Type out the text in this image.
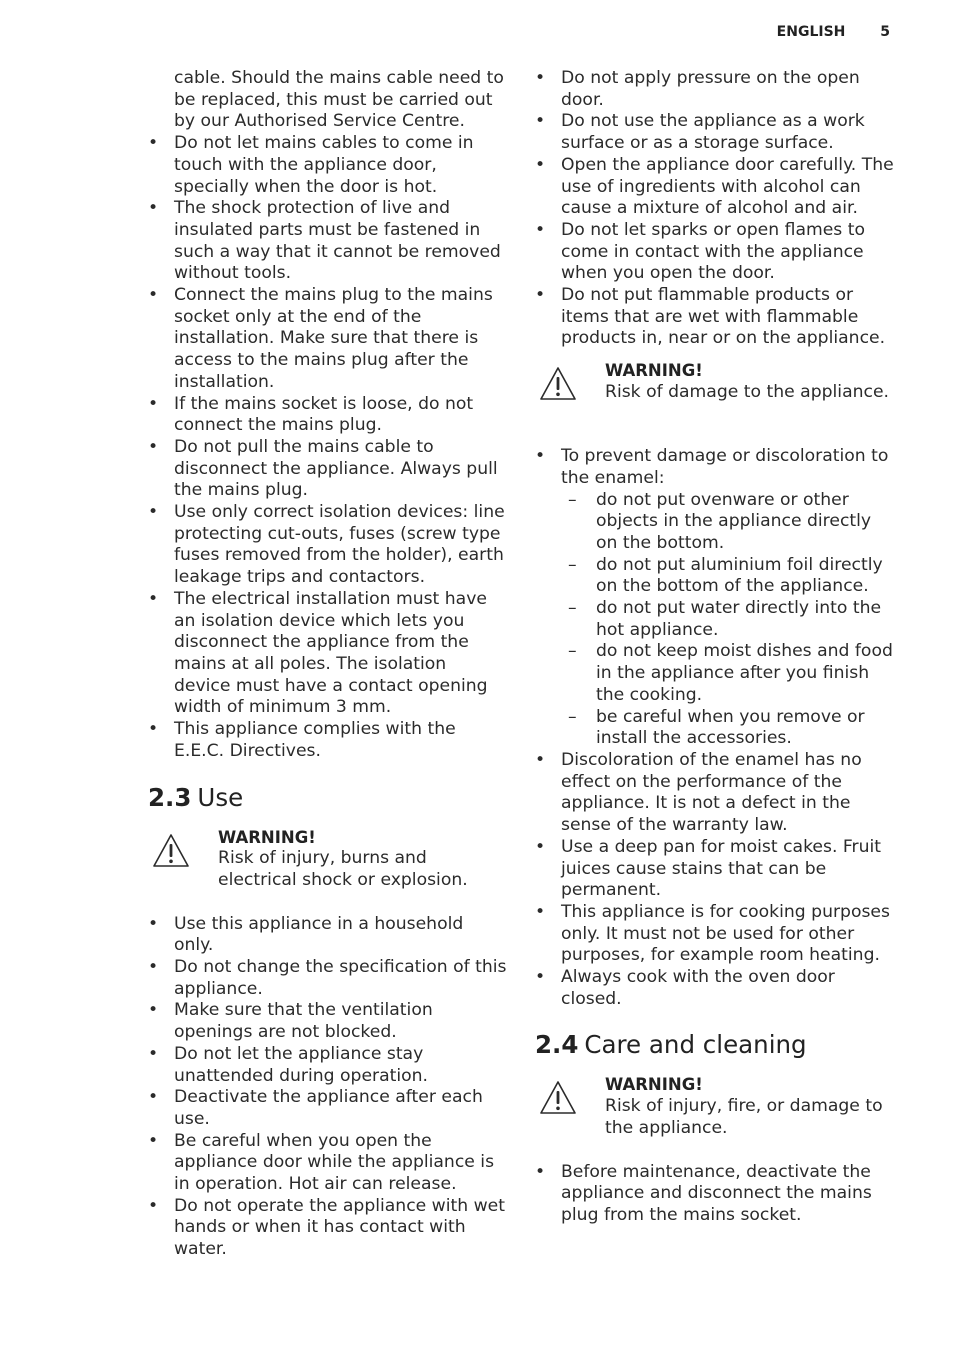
ENGLISH 5
cable. Should the mains cable need to be replaced, this must be carried out by our Authorised Service Centre.
• Do not let mains cables to come in touch with the appliance door, specially when the door is hot.
• The shock protection of live and insulated parts must be fastened in such a way that it cannot be removed without tools.
• Connect the mains plug to the mains socket only at the end of the installation. Make sure that there is access to the mains plug after the installation.
• If the mains socket is loose, do not connect the mains plug.
• Do not pull the mains cable to disconnect the appliance. Always pull the mains plug.
• Use only correct isolation devices: line protecting cut-outs, fuses (screw type fuses removed from the holder), earth leakage trips and contactors.
• The electrical installation must have an isolation device which lets you disconnect the appliance from the mains at all poles. The isolation device must have a contact opening width of minimum 3 mm.
• This appliance complies with the E.E.C. Directives.
2.3 Use
WARNING!
Risk of injury, burns and electrical shock or explosion.
• Use this appliance in a household only.
• Do not change the specification of this appliance.
• Make sure that the ventilation openings are not blocked.
• Do not let the appliance stay unattended during operation.
• Deactivate the appliance after each use.
• Be careful when you open the appliance door while the appliance is in operation. Hot air can release.
• Do not operate the appliance with wet hands or when it has contact with water.
• Do not apply pressure on the open door.
• Do not use the appliance as a work surface or as a storage surface.
• Open the appliance door carefully. The use of ingredients with alcohol can cause a mixture of alcohol and air.
• Do not let sparks or open flames to come in contact with the appliance when you open the door.
• Do not put flammable products or items that are wet with flammable products in, near or on the appliance.
WARNING!
Risk of damage to the appliance.
• To prevent damage or discoloration to the enamel:
– do not put ovenware or other objects in the appliance directly on the bottom.
– do not put aluminium foil directly on the bottom of the appliance.
– do not put water directly into the hot appliance.
– do not keep moist dishes and food in the appliance after you finish the cooking.
– be careful when you remove or install the accessories.
• Discoloration of the enamel has no effect on the performance of the appliance. It is not a defect in the sense of the warranty law.
• Use a deep pan for moist cakes. Fruit juices cause stains that can be permanent.
• This appliance is for cooking purposes only. It must not be used for other purposes, for example room heating.
• Always cook with the oven door closed.
2.4 Care and cleaning
WARNING!
Risk of injury, fire, or damage to the appliance.
• Before maintenance, deactivate the appliance and disconnect the mains plug from the mains socket.
